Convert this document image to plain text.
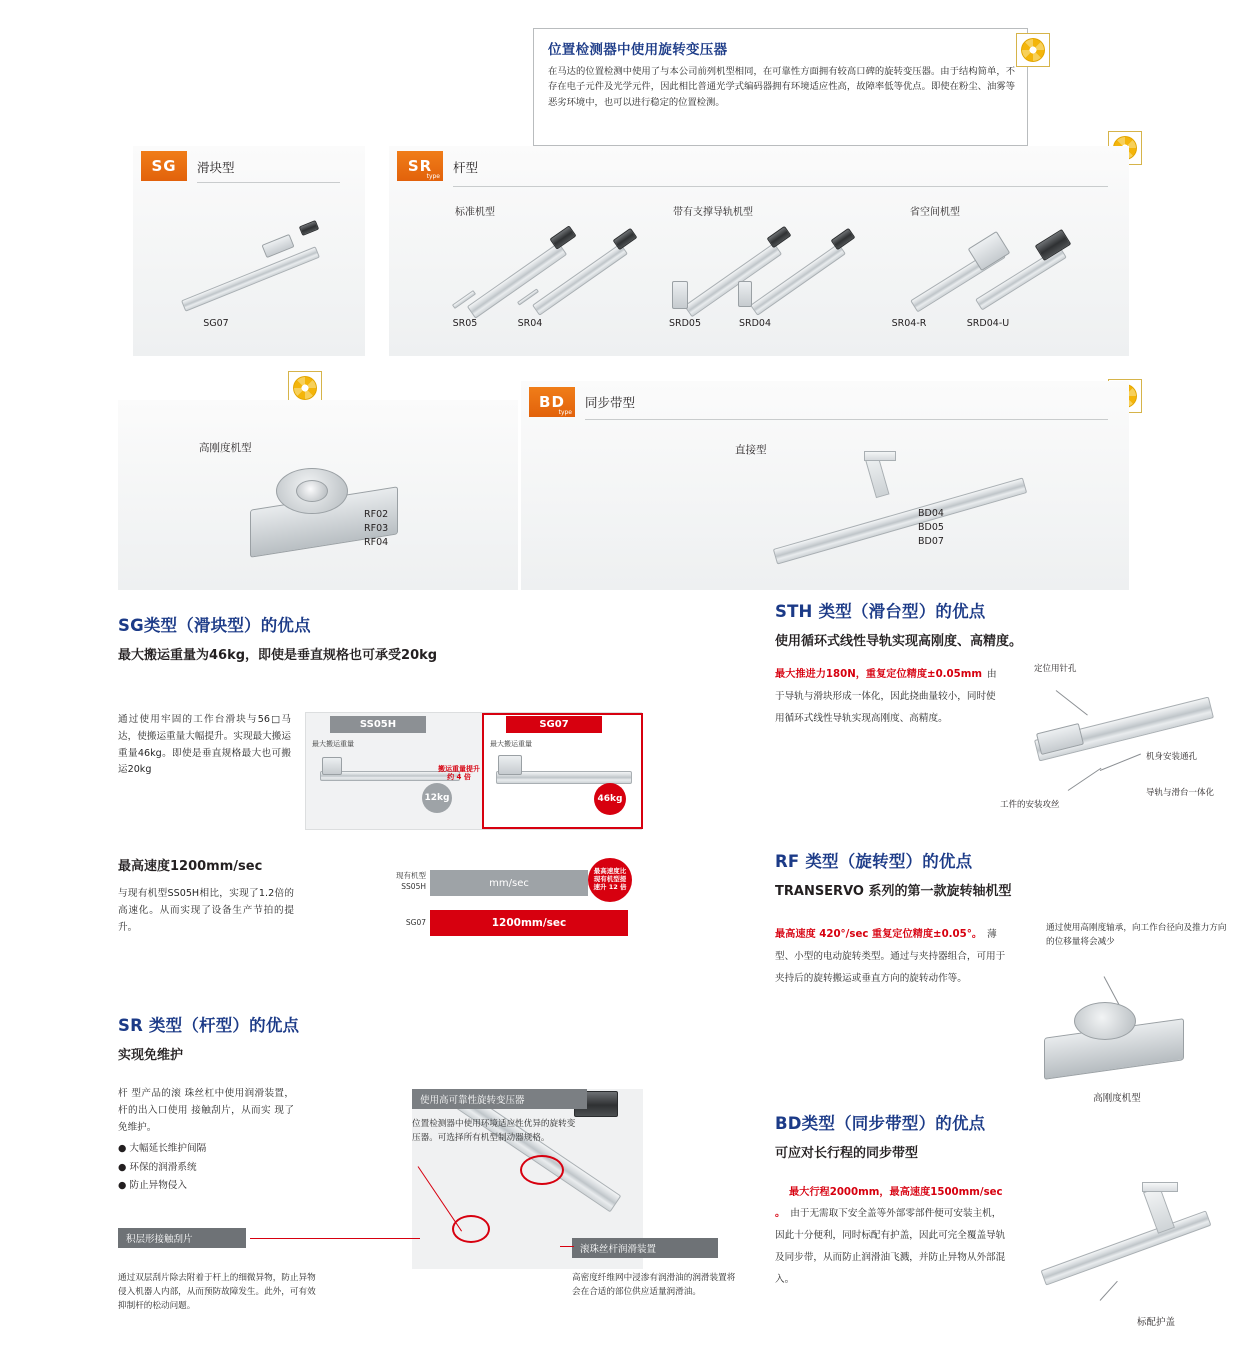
位置检测器中使用旋转变压器
在马达的位置检测中使用了与本公司前列机型相同，在可靠性方面拥有较高口碑的旋转变压器。由于结构简单，不存在电子元件及光学元件，因此相比普通光学式编码器拥有环境适应性高，故障率低等优点。即使在粉尘、油雾等恶劣环境中，也可以进行稳定的位置检测。
SG 滑块型
SG07
SR
type
杆型
标准机型	带有支撑导轨机型	省空间机型
SR05	SR04	SRD05	SRD04	SR04-R	SRD04-U
高刚度机型
RF02
RF03
RF04
BD
type
同步带型
直接型
BD04
BD05
BD07
SG类型（滑块型）的优点
最大搬运重量为46kg，即使是垂直规格也可承受20kg
通过使用牢固的工作台滑块与56□马达，使搬运重量大幅提升。实现最大搬运重量46kg。即使是垂直规格最大也可搬运20kg
SS05H
最大搬运重量
12kg
SG07
最大搬运重量
46kg
搬运重量提升约 4 倍
最高速度1200mm/sec
与现有机型SS05H相比，实现了1.2倍的高速化。从而实现了设备生产节拍的提升。
现有机型
SS05H	mm/sec
SG07	1200mm/sec
最高速度比现有机型提速升 12 倍
SR 类型（杆型）的优点
实现免维护
杆 型产品的滚 珠丝杠中使用润滑装置，杆的出入口使用 接触刮片，从而实 现了免维护。
● 大幅延长维护间隔
● 环保的润滑系统
● 防止异物侵入
使用高可靠性旋转变压器
位置检测器中使用环境适应性优异的旋转变压器。可选择所有机型制动器规格。
积层形接触刮片
通过双层刮片除去附着于杆上的细微异物，防止异物侵入机器人内部，从而预防故障发生。此外，可有效抑制杆的松动问题。
滚珠丝杆润滑装置
高密度纤维网中浸渗有润滑油的润滑装置将会在合适的部位供应适量润滑油。
STH 类型（滑台型）的优点
使用循环式线性导轨实现高刚度、高精度。
最大推进力180N，重复定位精度±0.05mm 由于导轨与滑块形成一体化，因此挠曲量较小，同时使用循环式线性导轨实现高刚度、高精度。
定位用针孔
机身安装通孔
导轨与滑台一体化
工件的安装攻丝
RF 类型（旋转型）的优点
TRANSERVO 系列的第一款旋转轴机型
最高速度 420°/sec 重复定位精度±0.05°。 薄型、小型的电动旋转类型。通过与夹持器组合，可用于夹持后的旋转搬运或垂直方向的旋转动作等。
通过使用高刚度轴承，向工作台径向及推力方向的位移量将会减少
高刚度机型
BD类型（同步带型）的优点
可应对长行程的同步带型
最大行程2000mm，最高速度1500mm/sec 。 由于无需取下安全盖等外部零部件便可安装主机，因此十分便利，同时标配有护盖，因此可完全覆盖导轨及同步带，从而防止润滑油飞溅，并防止异物从外部混入。
标配护盖
